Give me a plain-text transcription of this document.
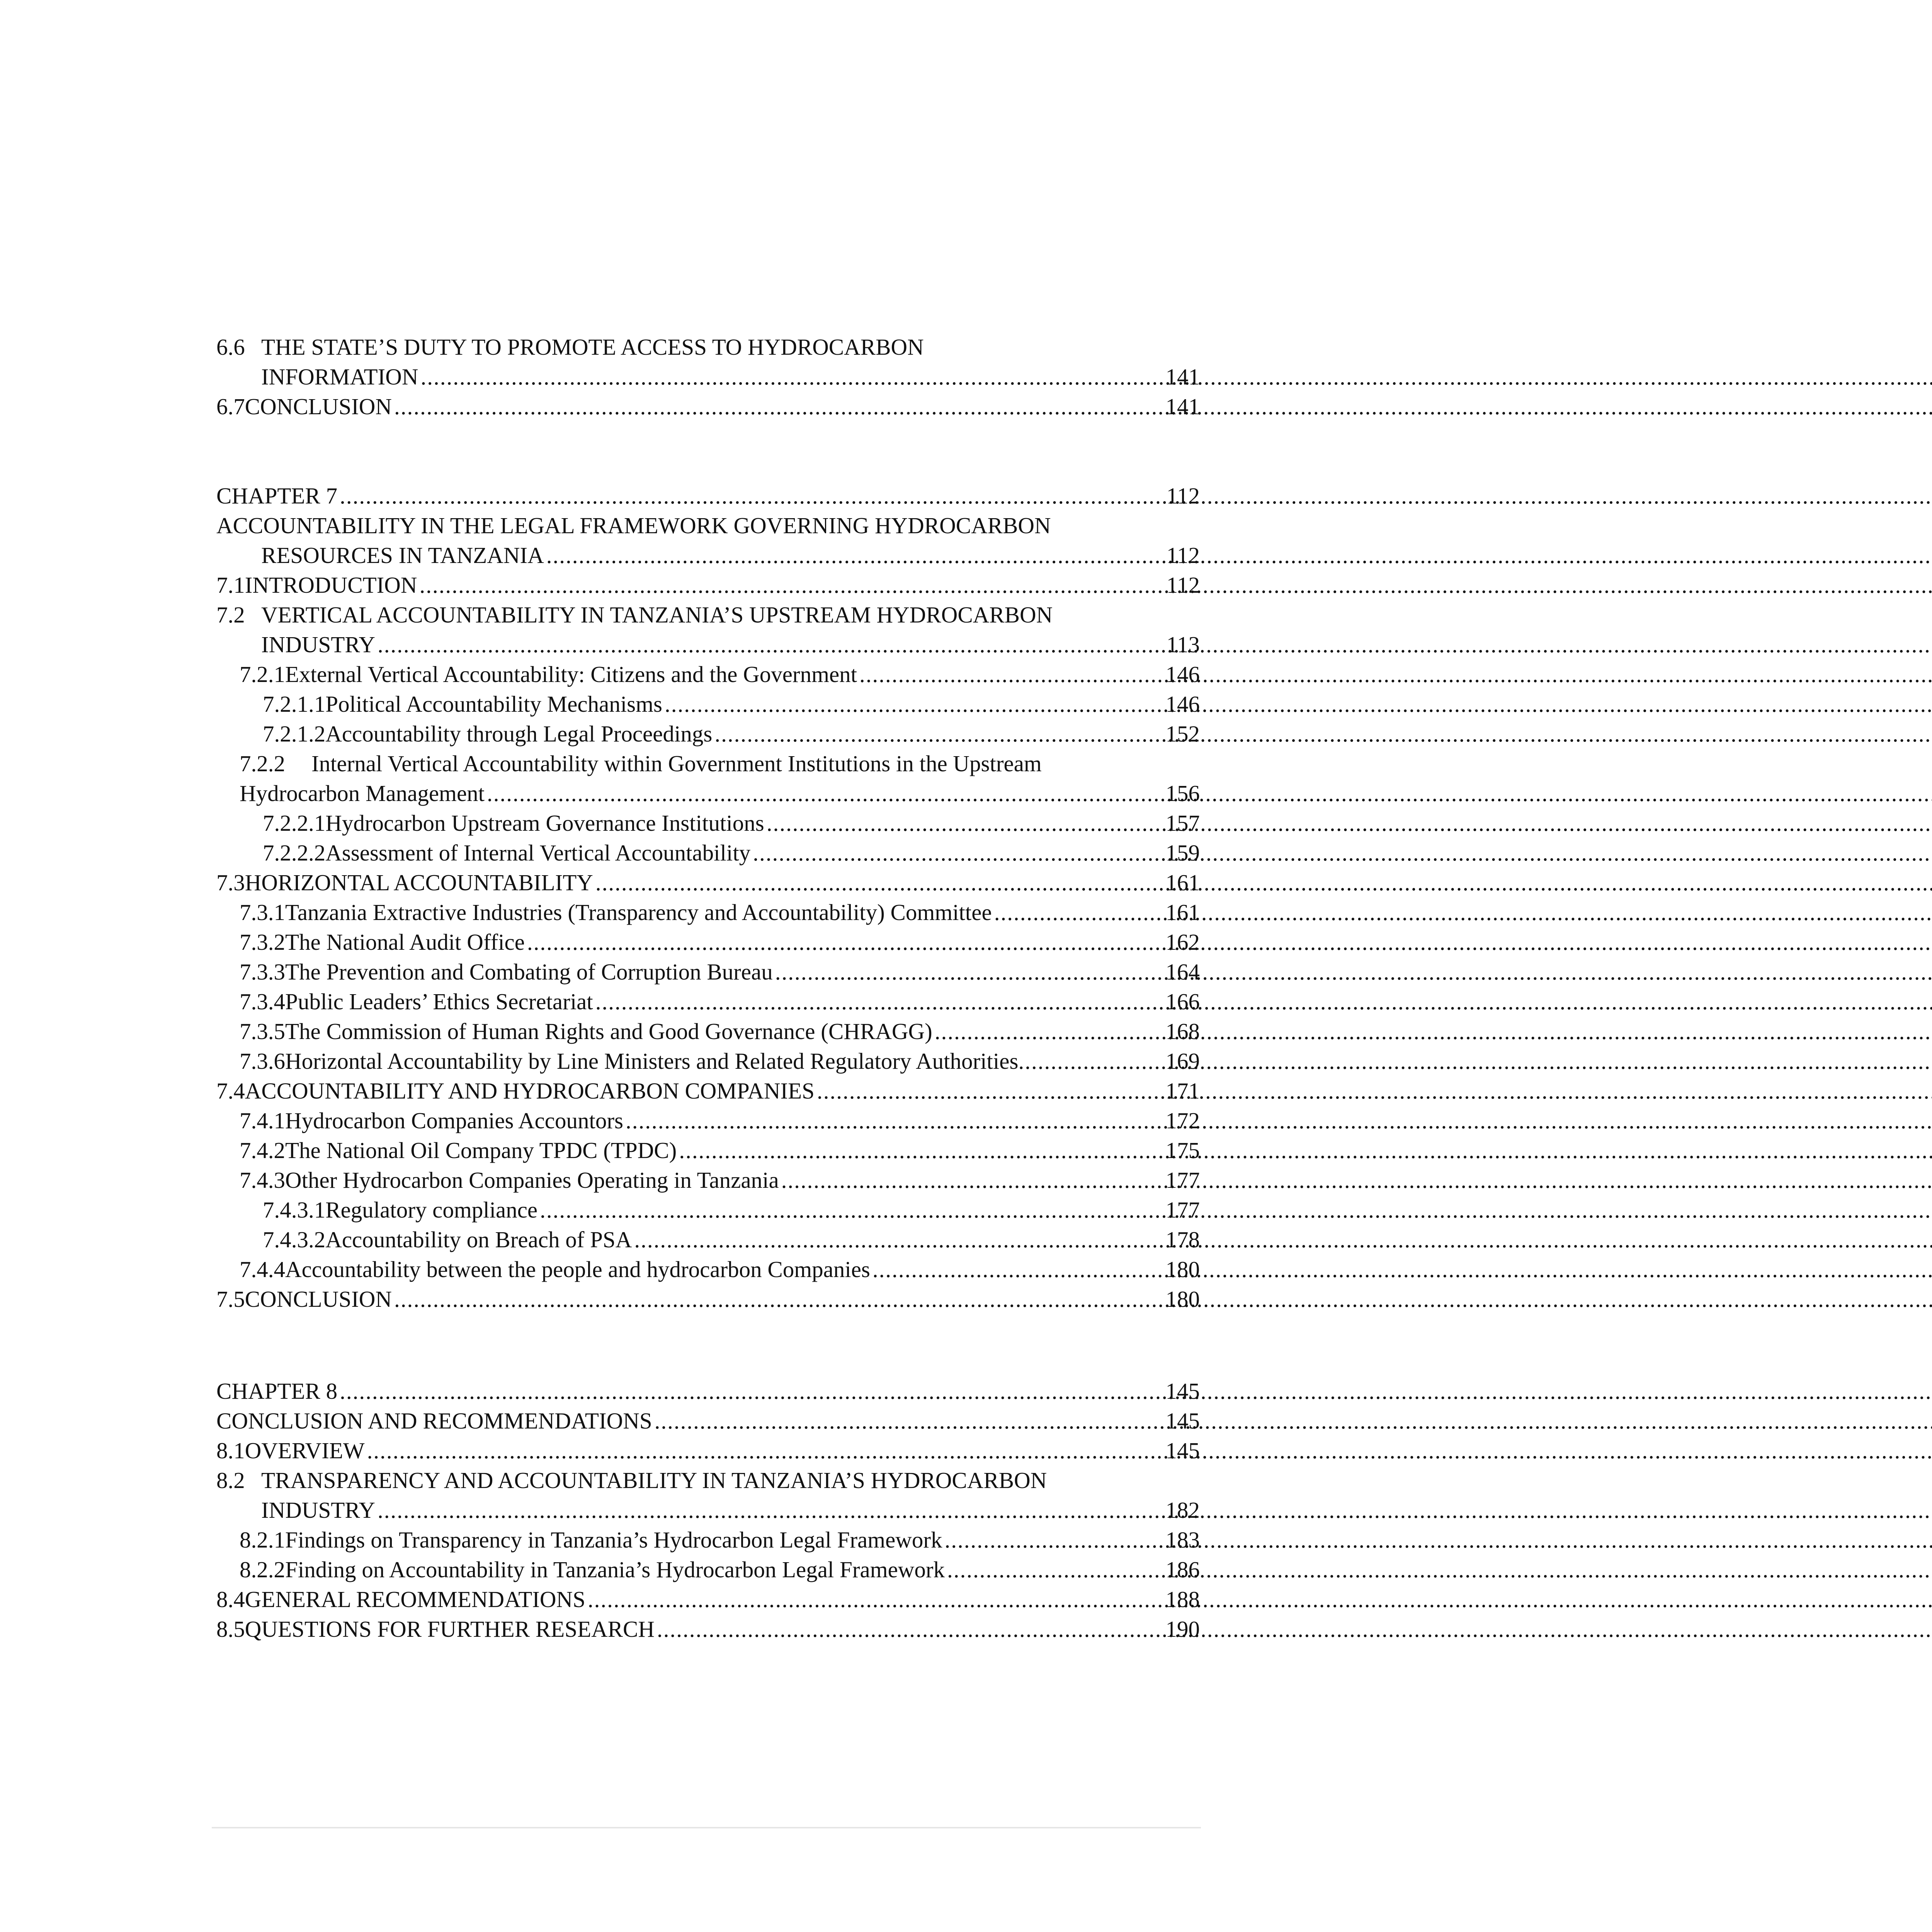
6.6 THE STATE’S DUTY TO PROMOTE ACCESS TO HYDROCARBON
INFORMATION .....	141
6.7 CONCLUSION .....	141
CHAPTER 7 .....	112
ACCOUNTABILITY IN THE LEGAL FRAMEWORK GOVERNING HYDROCARBON
RESOURCES IN TANZANIA .....	112
7.1 INTRODUCTION .....	112
7.2 VERTICAL ACCOUNTABILITY IN TANZANIA’S UPSTREAM HYDROCARBON
INDUSTRY .....	113
7.2.1 External Vertical Accountability: Citizens and the Government .....	146
7.2.1.1 Political Accountability Mechanisms .....	146
7.2.1.2 Accountability through Legal Proceedings .....	152
7.2.2 Internal Vertical Accountability within Government Institutions in the Upstream
Hydrocarbon Management .....	156
7.2.2.1 Hydrocarbon Upstream Governance Institutions .....	157
7.2.2.2 Assessment of Internal Vertical Accountability .....	159
7.3 HORIZONTAL ACCOUNTABILITY .....	161
7.3.1 Tanzania Extractive Industries (Transparency and Accountability) Committee .....	161
7.3.2 The National Audit Office .....	162
7.3.3 The Prevention and Combating of Corruption Bureau .....	164
7.3.4 Public Leaders’ Ethics Secretariat .....	166
7.3.5 The Commission of Human Rights and Good Governance (CHRAGG) .....	168
7.3.6 Horizontal Accountability by Line Ministers and Related Regulatory Authorities .....	169
7.4 ACCOUNTABILITY AND HYDROCARBON COMPANIES .....	171
7.4.1 Hydrocarbon Companies Accountors .....	172
7.4.2 The National Oil Company TPDC (TPDC) .....	175
7.4.3 Other Hydrocarbon Companies Operating in Tanzania .....	177
7.4.3.1 Regulatory compliance .....	177
7.4.3.2 Accountability on Breach of PSA .....	178
7.4.4 Accountability between the people and hydrocarbon Companies .....	180
7.5 CONCLUSION .....	180
CHAPTER 8 .....	145
CONCLUSION AND RECOMMENDATIONS .....	145
8.1 OVERVIEW .....	145
8.2 TRANSPARENCY AND ACCOUNTABILITY IN TANZANIA’S HYDROCARBON
INDUSTRY .....	182
8.2.1 Findings on Transparency in Tanzania’s Hydrocarbon Legal Framework .....	183
8.2.2 Finding on Accountability in Tanzania’s Hydrocarbon Legal Framework .....	186
8.4 GENERAL RECOMMENDATIONS .....	188
8.5 QUESTIONS FOR FURTHER RESEARCH .....	190
